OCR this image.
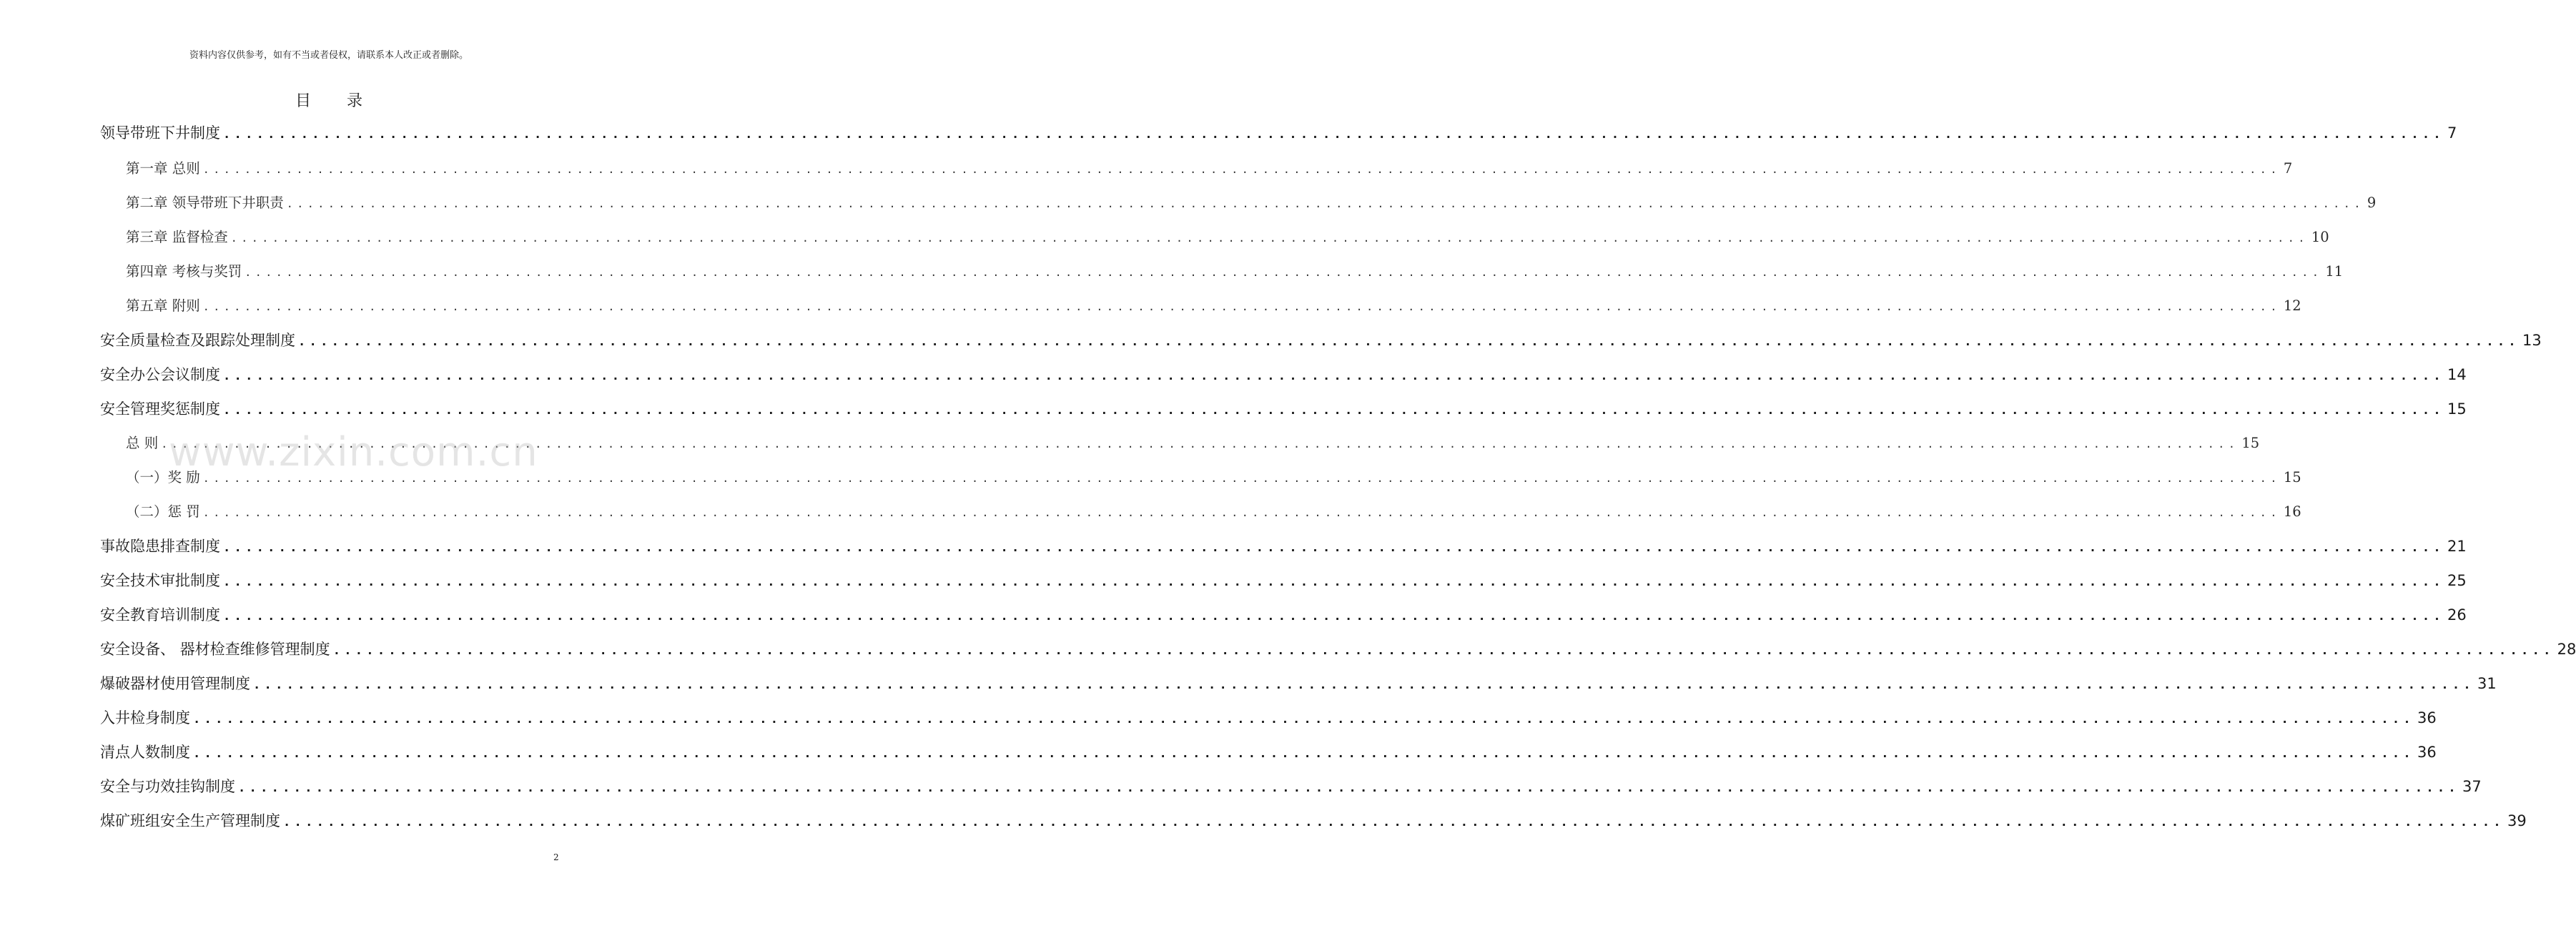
资料内容仅供参考，如有不当或者侵权，请联系本人改正或者删除。
目录
领导带班下井制度 ........................................................................................................................................................................................................ 7
第一章 总则 ........................................................................................................................................................................................................ 7
第二章 领导带班下井职责 ........................................................................................................................................................................................................ 9
第三章 监督检查 ........................................................................................................................................................................................................ 10
第四章 考核与奖罚 ........................................................................................................................................................................................................ 11
第五章 附则 ........................................................................................................................................................................................................ 12
安全质量检查及跟踪处理制度 ........................................................................................................................................................................................................ 13
安全办公会议制度 ........................................................................................................................................................................................................ 14
安全管理奖惩制度 ........................................................................................................................................................................................................ 15
总 则 ........................................................................................................................................................................................................ 15
（一）奖 励 ........................................................................................................................................................................................................ 15
（二）惩 罚 ........................................................................................................................................................................................................ 16
事故隐患排查制度 ........................................................................................................................................................................................................ 21
安全技术审批制度 ........................................................................................................................................................................................................ 25
安全教育培训制度 ........................................................................................................................................................................................................ 26
安全设备、 器材检查维修管理制度 ........................................................................................................................................................................................................ 28
爆破器材使用管理制度 ........................................................................................................................................................................................................ 31
入井检身制度 ........................................................................................................................................................................................................ 36
清点人数制度 ........................................................................................................................................................................................................ 36
安全与功效挂钩制度 ........................................................................................................................................................................................................ 37
煤矿班组安全生产管理制度 ........................................................................................................................................................................................................ 39
www.zixin.com.cn
2
